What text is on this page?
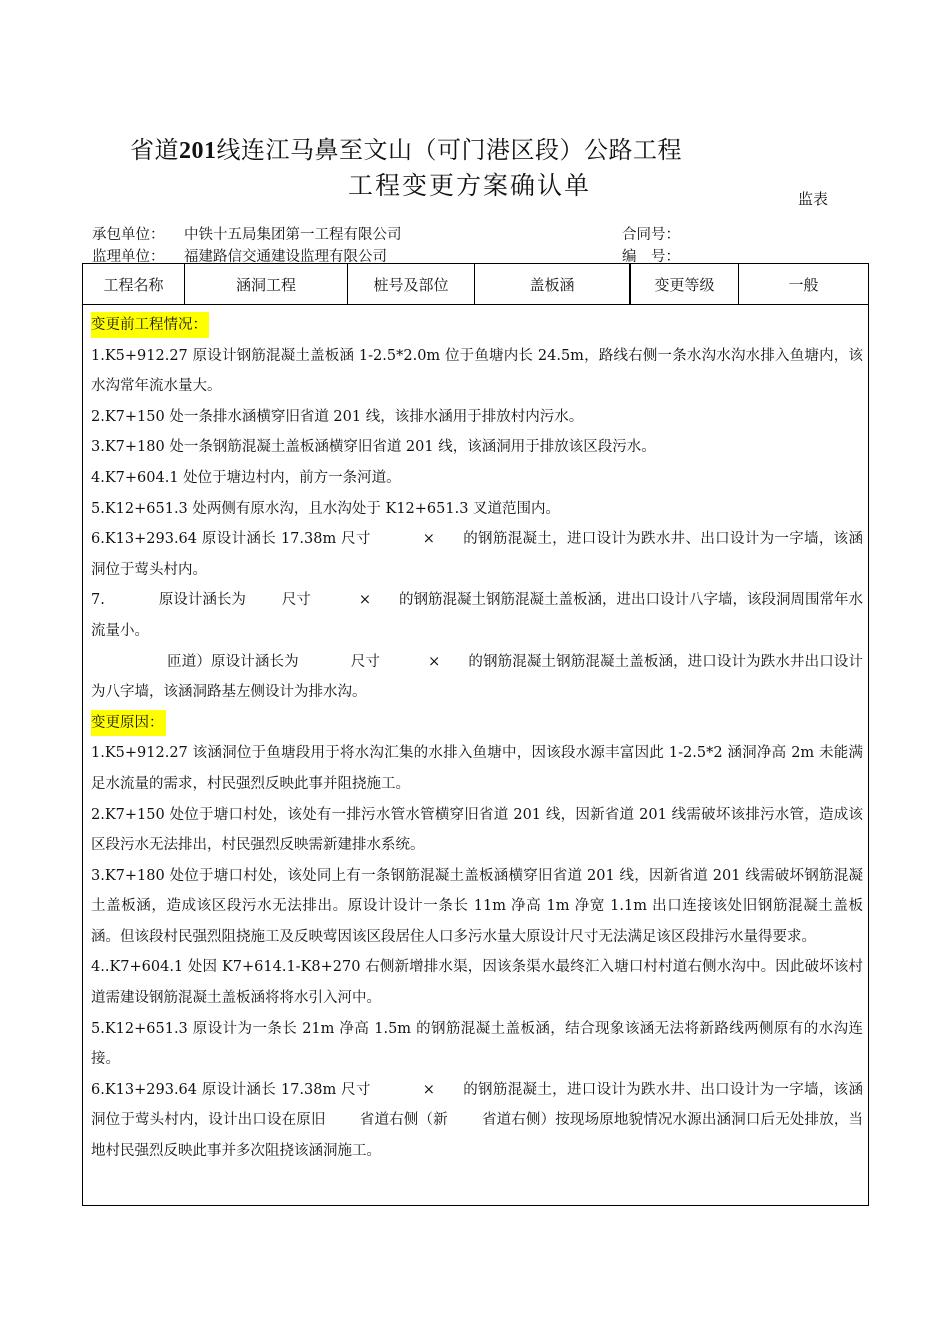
省道201线连江马鼻至文山（可门港区段）公路工程
工程变更方案确认单	监表
承包单位： 中铁十五局集团第一工程有限公司	合同号：
监理单位： 福建路信交通建设监理有限公司	编　号：
工程名称	涵洞工程	桩号及部位	盖板涵	变更等级	一般

变更前工程情况：

1.K5+912.27 原设计钢筋混凝土盖板涵 1-2.5*2.0m 位于鱼塘内长 24.5m，路线右侧一条水沟水沟水排入鱼塘内，该水沟常年流水量大。

2.K7+150 处一条排水涵横穿旧省道 201 线，该排水涵用于排放村内污水。

3.K7+180 处一条钢筋混凝土盖板涵横穿旧省道 201 线，该涵洞用于排放该区段污水。

4.K7+604.1 处位于塘边村内，前方一条河道。

5.K12+651.3 处两侧有原水沟，且水沟处于 K12+651.3 叉道范围内。

6.K13+293.64 原设计涵长 17.38m 尺寸	× 的钢筋混凝土，进口设计为跌水井、出口设计为一字墙，该涵洞位于莺头村内。

7.	原设计涵长为 尺寸	× 的钢筋混凝土钢筋混凝土盖板涵，进出口设计八字墙，该段洞周围常年水流量小。

匝道）原设计涵长为	尺寸	× 的钢筋混凝土钢筋混凝土盖板涵，进口设计为跌水井出口设计为八字墙，该涵洞路基左侧设计为排水沟。

变更原因：

1.K5+912.27 该涵洞位于鱼塘段用于将水沟汇集的水排入鱼塘中，因该段水源丰富因此 1-2.5*2 涵洞净高 2m 未能满足水流量的需求，村民强烈反映此事并阻挠施工。

2.K7+150 处位于塘口村处，该处有一排污水管水管横穿旧省道 201 线，因新省道 201 线需破坏该排污水管，造成该区段污水无法排出，村民强烈反映需新建排水系统。

3.K7+180 处位于塘口村处，该处同上有一条钢筋混凝土盖板涵横穿旧省道 201 线，因新省道 201 线需破坏钢筋混凝土盖板涵，造成该区段污水无法排出。原设计设计一条长 11m 净高 1m 净宽 1.1m 出口连接该处旧钢筋混凝土盖板涵。但该段村民强烈阻挠施工及反映莺因该区段居住人口多污水量大原设计尺寸无法满足该区段排污水量得要求。

4..K7+604.1 处因 K7+614.1-K8+270 右侧新增排水渠，因该条渠水最终汇入塘口村村道右侧水沟中。因此破坏该村道需建设钢筋混凝土盖板涵将将水引入河中。

5.K12+651.3 原设计为一条长 21m 净高 1.5m 的钢筋混凝土盖板涵，结合现象该涵无法将新路线两侧原有的水沟连接。

6.K13+293.64 原设计涵长 17.38m 尺寸	× 的钢筋混凝土，进口设计为跌水井、出口设计为一字墙，该涵洞位于莺头村内，设计出口设在原旧 省道右侧（新 省道右侧）按现场原地貌情况水源出涵洞口后无处排放，当地村民强烈反映此事并多次阻挠该涵洞施工。
